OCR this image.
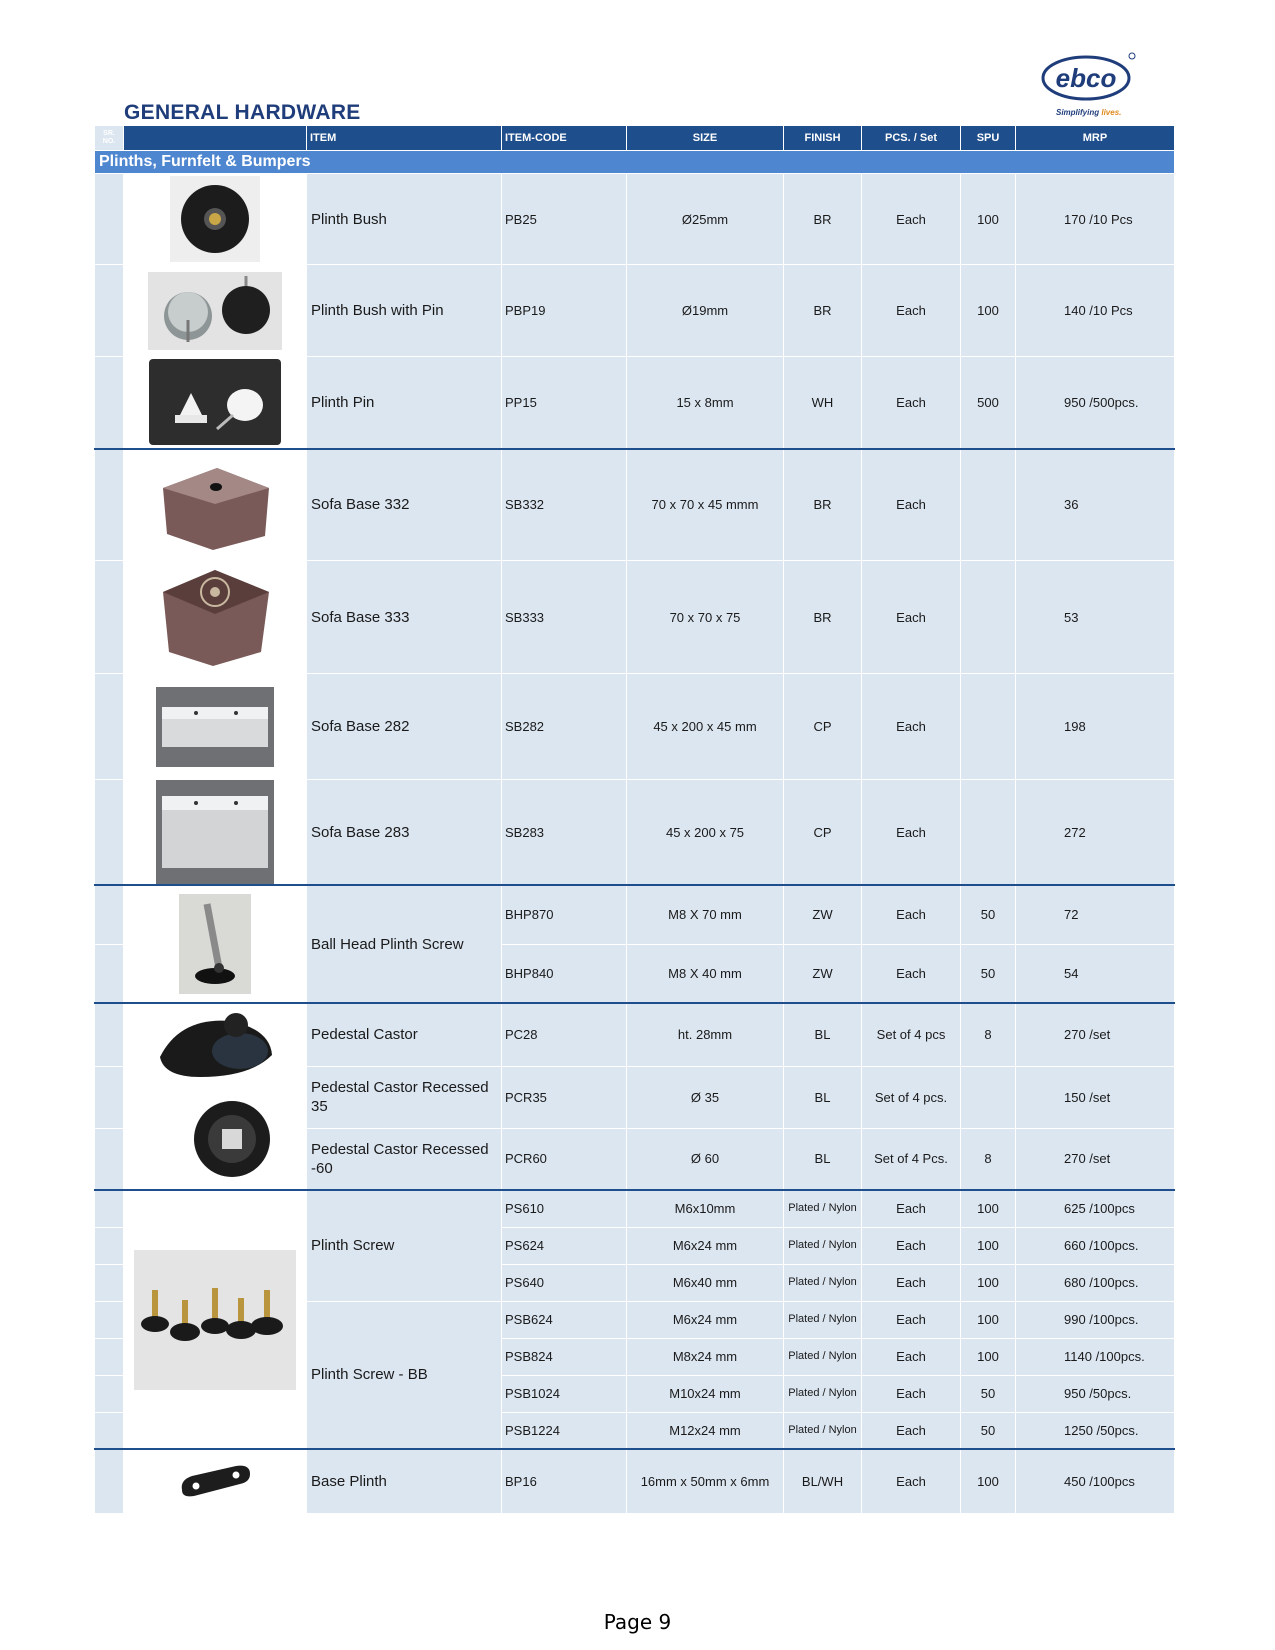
GENERAL HARDWARE
ebco
Simplifying lives.
SR. NO.		ITEM	ITEM-CODE	SIZE	FINISH	PCS. / Set	SPU	MRP
Plinths, Furnfelt & Bumpers								

	Plinth Bush	PB25	Ø25mm	BR	Each	100	170 /10 Pcs

	Plinth Bush with Pin	PBP19	Ø19mm	BR	Each	100	140 /10 Pcs

	Plinth Pin	PP15	15 x 8mm	WH	Each	500	950 /500pcs.

	Sofa Base 332	SB332	70 x 70 x 45 mmm	BR	Each		36

	Sofa Base 333	SB333	70 x 70 x 75	BR	Each		53

	Sofa Base 282	SB282	45 x 200 x 45 mm	CP	Each		198

	Sofa Base 283	SB283	45 x 200 x 75	CP	Each		272

	Ball Head Plinth Screw	BHP870	M8 X 70 mm	ZW	Each	50	72
			BHP840	M8 X 40 mm	ZW	Each	50	54

	Pedestal Castor	PC28	ht. 28mm	BL	Set of 4 pcs	8	270 /set
		Pedestal Castor Recessed 35	PCR35	Ø 35	BL	Set of 4 pcs.		150 /set
		Pedestal Castor Recessed -60	PCR60	Ø 60	BL	Set of 4 Pcs.	8	270 /set

	Plinth Screw	PS610	M6x10mm	Plated / Nylon	Each	100	625 /100pcs
			PS624	M6x24 mm	Plated / Nylon	Each	100	660 /100pcs.
			PS640	M6x40 mm	Plated / Nylon	Each	100	680 /100pcs.
		Plinth Screw - BB	PSB624	M6x24 mm	Plated / Nylon	Each	100	990 /100pcs.
			PSB824	M8x24 mm	Plated / Nylon	Each	100	1140 /100pcs.
			PSB1024	M10x24 mm	Plated / Nylon	Each	50	950 /50pcs.
			PSB1224	M12x24 mm	Plated / Nylon	Each	50	1250 /50pcs.

	Base Plinth	BP16	16mm x 50mm x 6mm	BL/WH	Each	100	450 /100pcs
Page 9
